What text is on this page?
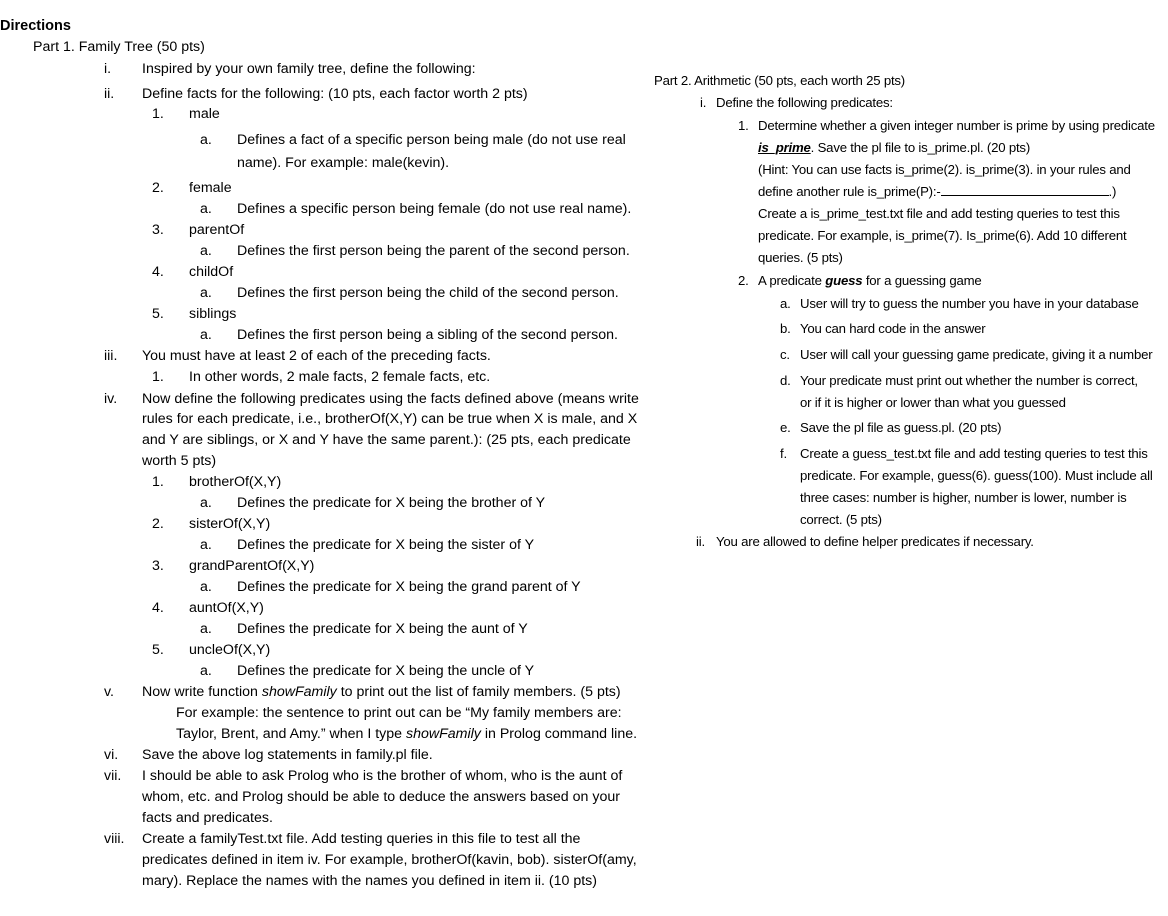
Directions
Part 1. Family Tree (50 pts)
i. Inspired by your own family tree, define the following:
ii. Define facts for the following: (10 pts, each factor worth 2 pts)
1. male
a. Defines a fact of a specific person being male (do not use real
name). For example: male(kevin).
2. female
a. Defines a specific person being female (do not use real name).
3. parentOf
a. Defines the first person being the parent of the second person.
4. childOf
a. Defines the first person being the child of the second person.
5. siblings
a. Defines the first person being a sibling of the second person.
iii. You must have at least 2 of each of the preceding facts.
1. In other words, 2 male facts, 2 female facts, etc.
iv. Now define the following predicates using the facts defined above (means write
rules for each predicate, i.e., brotherOf(X,Y) can be true when X is male, and X
and Y are siblings, or X and Y have the same parent.): (25 pts, each predicate
worth 5 pts)
1. brotherOf(X,Y)
a. Defines the predicate for X being the brother of Y
2. sisterOf(X,Y)
a. Defines the predicate for X being the sister of Y
3. grandParentOf(X,Y)
a. Defines the predicate for X being the grand parent of Y
4. auntOf(X,Y)
a. Defines the predicate for X being the aunt of Y
5. uncleOf(X,Y)
a. Defines the predicate for X being the uncle of Y
v. Now write function showFamily to print out the list of family members. (5 pts)
For example: the sentence to print out can be “My family members are:
Taylor, Brent, and Amy.” when I type showFamily in Prolog command line.
vi. Save the above log statements in family.pl file.
vii. I should be able to ask Prolog who is the brother of whom, who is the aunt of
whom, etc. and Prolog should be able to deduce the answers based on your
facts and predicates.
viii. Create a familyTest.txt file. Add testing queries in this file to test all the
predicates defined in item iv. For example, brotherOf(kavin, bob). sisterOf(amy,
mary). Replace the names with the names you defined in item ii. (10 pts)
Part 2. Arithmetic (50 pts, each worth 25 pts)
i. Define the following predicates:
1. Determine whether a given integer number is prime by using predicate
is_prime. Save the pl file to is_prime.pl. (20 pts)
(Hint: You can use facts is_prime(2). is_prime(3). in your rules and
define another rule is_prime(P):-	.)
Create a is_prime_test.txt file and add testing queries to test this
predicate. For example, is_prime(7). Is_prime(6). Add 10 different
queries. (5 pts)
2. A predicate guess for a guessing game
a. User will try to guess the number you have in your database
b. You can hard code in the answer
c. User will call your guessing game predicate, giving it a number
d. Your predicate must print out whether the number is correct,
or if it is higher or lower than what you guessed
e. Save the pl file as guess.pl. (20 pts)
f. Create a guess_test.txt file and add testing queries to test this
predicate. For example, guess(6). guess(100). Must include all
three cases: number is higher, number is lower, number is
correct. (5 pts)
ii. You are allowed to define helper predicates if necessary.
